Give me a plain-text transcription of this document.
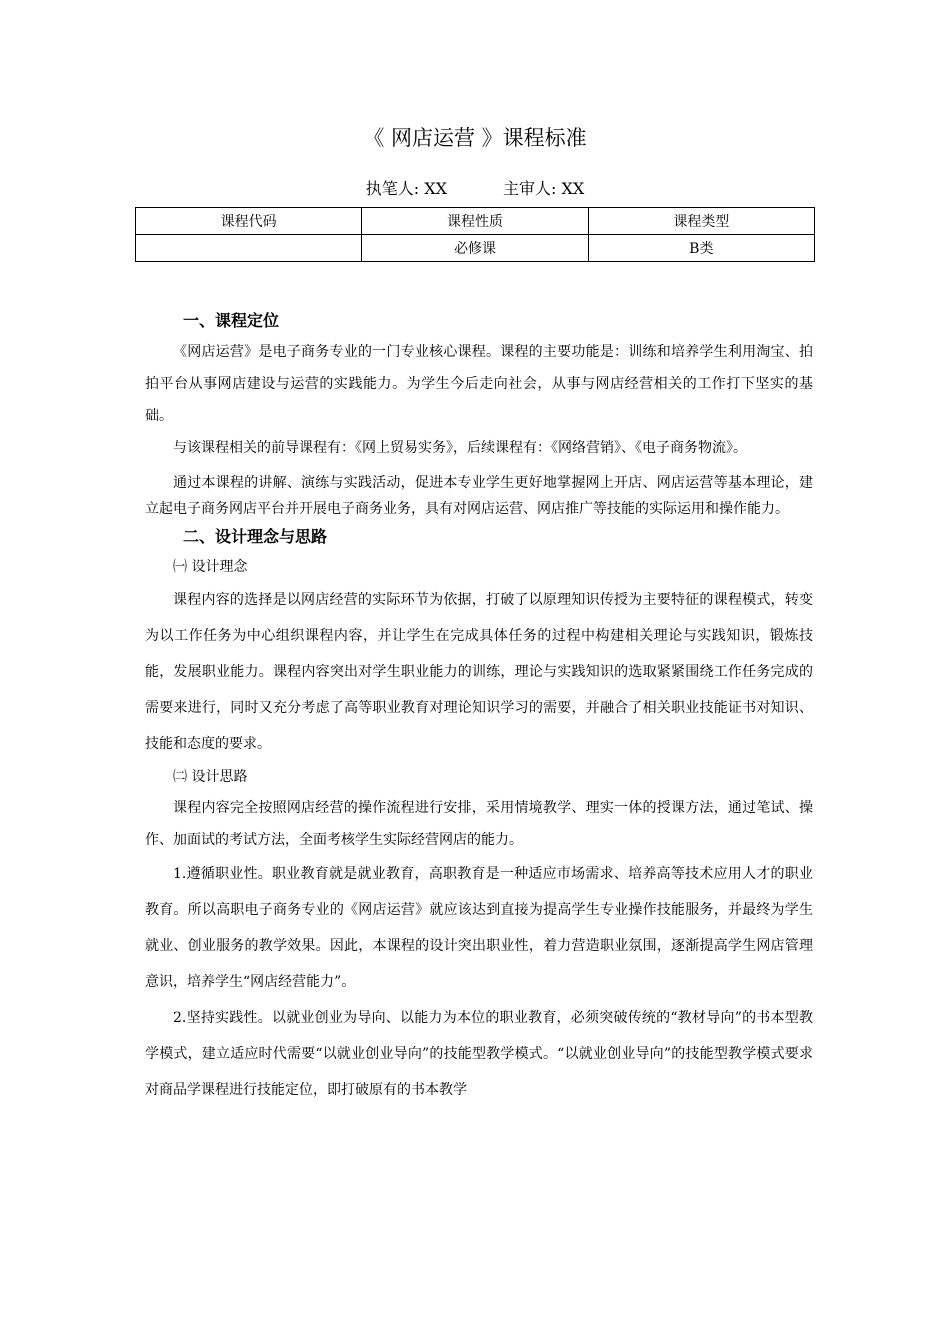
《 网店运营 》课程标准
执笔人: XX	主审人: XX
课程代码	课程性质	课程类型
	必修课	B类
一、课程定位

《网店运营》是电子商务专业的一门专业核心课程。课程的主要功能是：训练和培养学生利用淘宝、拍拍平台从事网店建设与运营的实践能力。为学生今后走向社会，从事与网店经营相关的工作打下坚实的基础。

与该课程相关的前导课程有：《网上贸易实务》，后续课程有：《网络营销》、《电子商务物流》。

通过本课程的讲解、演练与实践活动，促进本专业学生更好地掌握网上开店、网店运营等基本理论，建立起电子商务网店平台并开展电子商务业务，具有对网店运营、网店推广等技能的实际运用和操作能力。

二、设计理念与思路
㈠ 设计理念

课程内容的选择是以网店经营的实际环节为依据，打破了以原理知识传授为主要特征的课程模式，转变为以工作任务为中心组织课程内容，并让学生在完成具体任务的过程中构建相关理论与实践知识，锻炼技能，发展职业能力。课程内容突出对学生职业能力的训练，理论与实践知识的选取紧紧围绕工作任务完成的需要来进行，同时又充分考虑了高等职业教育对理论知识学习的需要，并融合了相关职业技能证书对知识、技能和态度的要求。

㈡ 设计思路

课程内容完全按照网店经营的操作流程进行安排，采用情境教学、理实一体的授课方法，通过笔试、操作、加面试的考试方法，全面考核学生实际经营网店的能力。

1.遵循职业性。职业教育就是就业教育，高职教育是一种适应市场需求、培养高等技术应用人才的职业教育。所以高职电子商务专业的《网店运营》就应该达到直接为提高学生专业操作技能服务，并最终为学生就业、创业服务的教学效果。因此，本课程的设计突出职业性，着力营造职业氛围，逐渐提高学生网店管理意识，培养学生“网店经营能力”。

2.坚持实践性。以就业创业为导向、以能力为本位的职业教育，必须突破传统的“教材导向”的书本型教学模式，建立适应时代需要“以就业创业导向”的技能型教学模式。“以就业创业导向”的技能型教学模式要求对商品学课程进行技能定位，即打破原有的书本教学
